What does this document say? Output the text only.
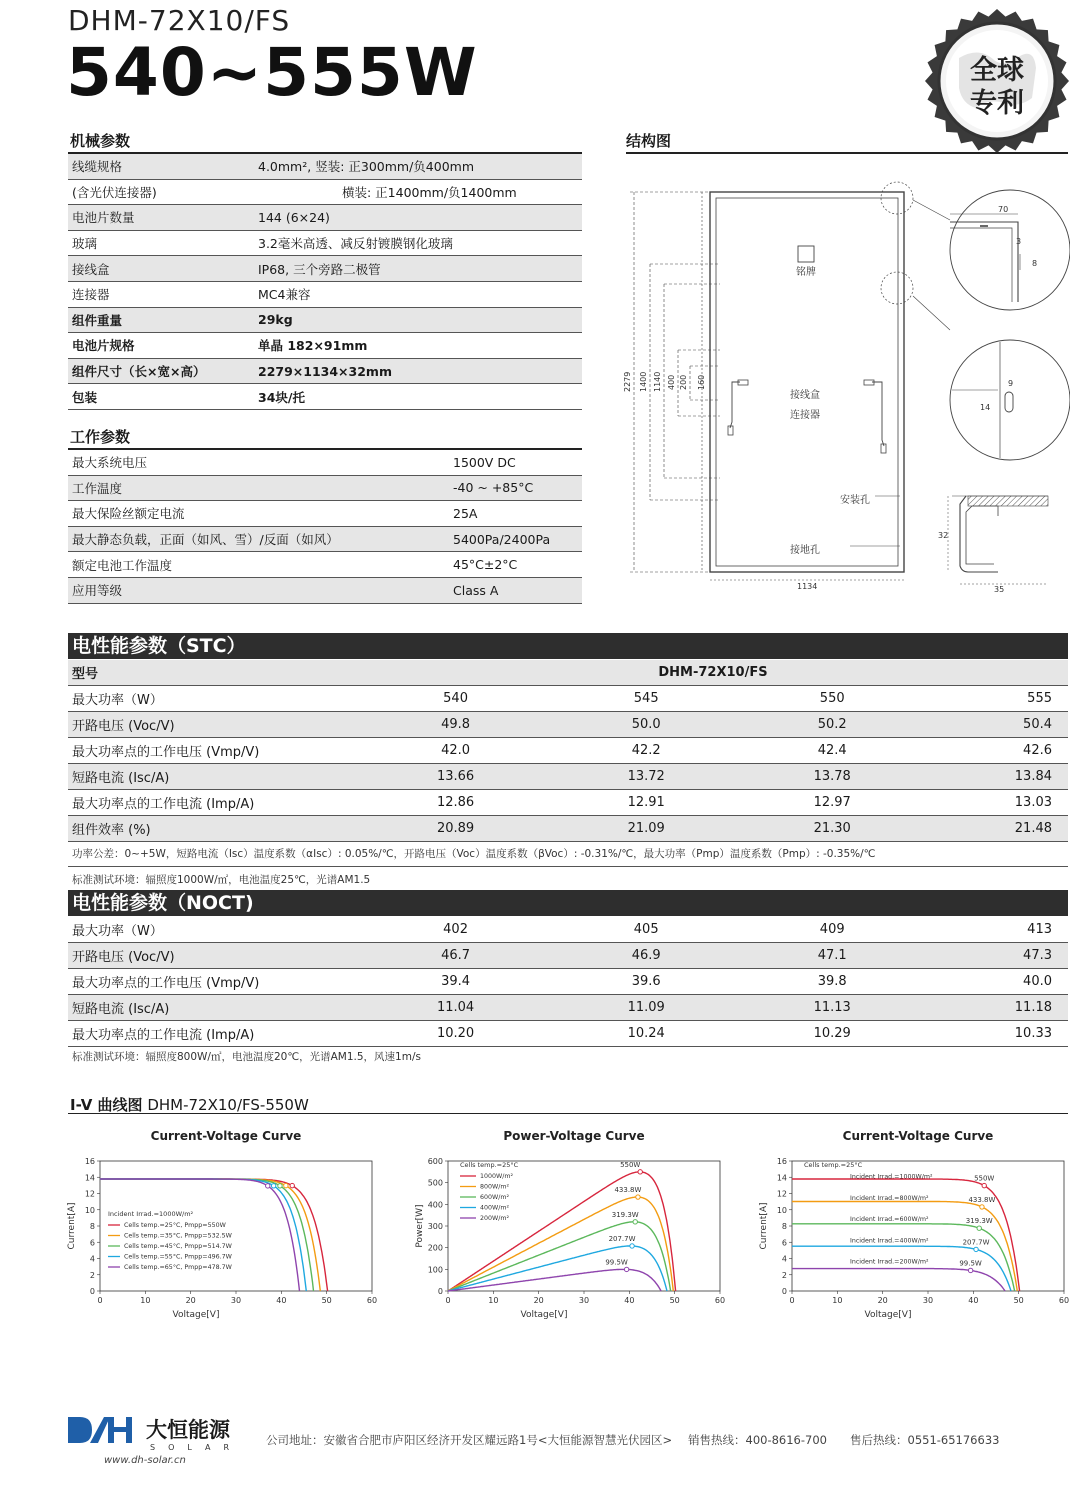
DHM-72X10/FS
540~555W	全球
专利
机械参数
线缆规格	4.0mm², 竖装: 正300mm/负400mm
(含光伏连接器)	横装: 正1400mm/负1400mm
电池片数量	144 (6×24)
玻璃	3.2毫米高透、减反射镀膜钢化玻璃
接线盒	IP68, 三个旁路二极管
连接器	MC4兼容
组件重量	29kg
电池片规格	单晶 182×91mm
组件尺寸（长×宽×高）	2279×1134×32mm
包装	34块/托
工作参数
最大系统电压	1500V DC
工作温度	-40 ~ +85°C
最大保险丝额定电流	25A
最大静态负载，正面（如风、雪）/反面（如风）	5400Pa/2400Pa
额定电池工作温度	45°C±2°C
应用等级	Class A
结构图
铭牌
接线盒
连接器
安装孔
接地孔
1134
2279 1400 1140 400 200 160
70
3
8
9
14
32
35
电性能参数（STC）
型号	DHM-72X10/FS			
最大功率（W）	540	545	550	555
开路电压 (Voc/V)	49.8	50.0	50.2	50.4
最大功率点的工作电压 (Vmp/V)	42.0	42.2	42.4	42.6
短路电流 (Isc/A)	13.66	13.72	13.78	13.84
最大功率点的工作电流 (Imp/A)	12.86	12.91	12.97	13.03
组件效率 (%)	20.89	21.09	21.30	21.48
功率公差：0~+5W，短路电流（Isc）温度系数（αIsc）: 0.05%/℃，开路电压（Voc）温度系数（βVoc）: -0.31%/℃，最大功率（Pmp）温度系数（Pmp）: -0.35%/℃
标准测试环境：辐照度1000W/㎡，电池温度25℃，光谱AM1.5
电性能参数（NOCT)
最大功率（W）	402	405	409	413
开路电压 (Voc/V)	46.7	46.9	47.1	47.3
最大功率点的工作电压 (Vmp/V)	39.4	39.6	39.8	40.0
短路电流 (Isc/A)	11.04	11.09	11.13	11.18
最大功率点的工作电流 (Imp/A)	10.20	10.24	10.29	10.33
标准测试环境：辐照度800W/㎡，电池温度20℃，光谱AM1.5，风速1m/s
I-V 曲线图 DHM-72X10/FS-550W
Current-Voltage Curve
0	10	20	30	40	50	60
0
2
4
6
8
10
12
14
16
Voltage[V]
Current[A]	Incident Irrad.=1000W/m²
Cells temp.=25°C, Pmpp=550W
Cells temp.=35°C, Pmpp=532.5W
Cells temp.=45°C, Pmpp=514.7W
Cells temp.=55°C, Pmpp=496.7W
Cells temp.=65°C, Pmpp=478.7W
Power-Voltage Curve
0	10	20	30	40	50	60
0
100
200
300
400
500
600
Voltage[V]
Power[W]
550W
433.8W
319.3W
207.7W
99.5W
Cells temp.=25°C
1000W/m²
800W/m²
600W/m²
400W/m²
200W/m²
Current-Voltage Curve
0	10	20	30	40	50	60
0
2
4
6
8
10
12
14
16
Voltage[V]
Current[A]
550W
433.8W
319.3W
207.7W
99.5W
Cells temp.=25°C
Incident Irrad.=1000W/m²
Incident Irrad.=800W/m²
Incident Irrad.=600W/m²
Incident Irrad.=400W/m²
Incident Irrad.=200W/m²
大恒能源
SOLAR
www.dh-solar.cn
公司地址：安徽省合肥市庐阳区经济开发区耀远路1号<大恒能源智慧光伏园区> 销售热线：400-8616-700 售后热线：0551-65176633
